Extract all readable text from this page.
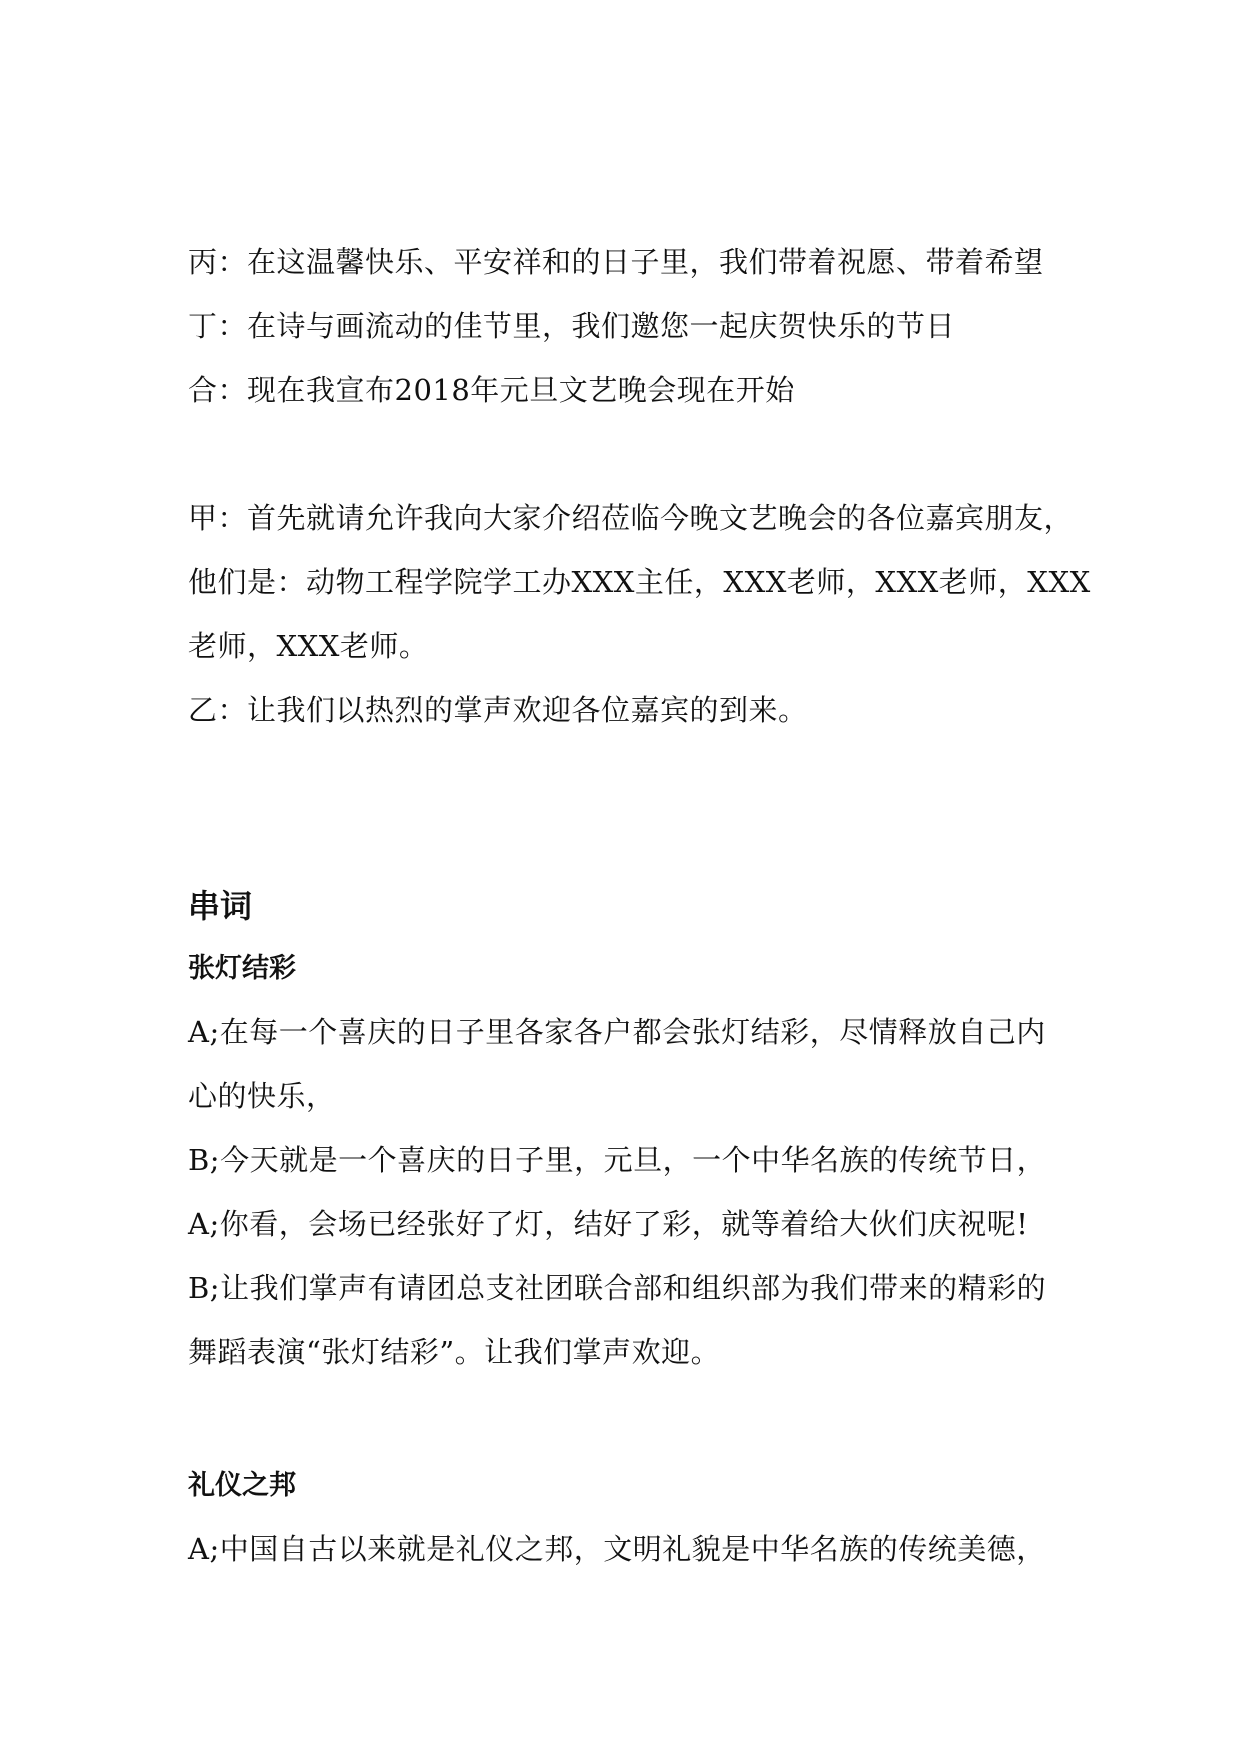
丙：在这温馨快乐、平安祥和的日子里，我们带着祝愿、带着希望
丁：在诗与画流动的佳节里，我们邀您一起庆贺快乐的节日
合：现在我宣布2018年元旦文艺晚会现在开始
甲：首先就请允许我向大家介绍莅临今晚文艺晚会的各位嘉宾朋友，
他们是：动物工程学院学工办XXX主任，XXX老师，XXX老师，XXX
老师，XXX老师。
乙：让我们以热烈的掌声欢迎各位嘉宾的到来。
串词
张灯结彩
A;在每一个喜庆的日子里各家各户都会张灯结彩，尽情释放自己内
心的快乐，
B;今天就是一个喜庆的日子里，元旦，一个中华名族的传统节日，
A;你看，会场已经张好了灯，结好了彩，就等着给大伙们庆祝呢!
B;让我们掌声有请团总支社团联合部和组织部为我们带来的精彩的
舞蹈表演“张灯结彩”。让我们掌声欢迎。
礼仪之邦
A;中国自古以来就是礼仪之邦，文明礼貌是中华名族的传统美德，
